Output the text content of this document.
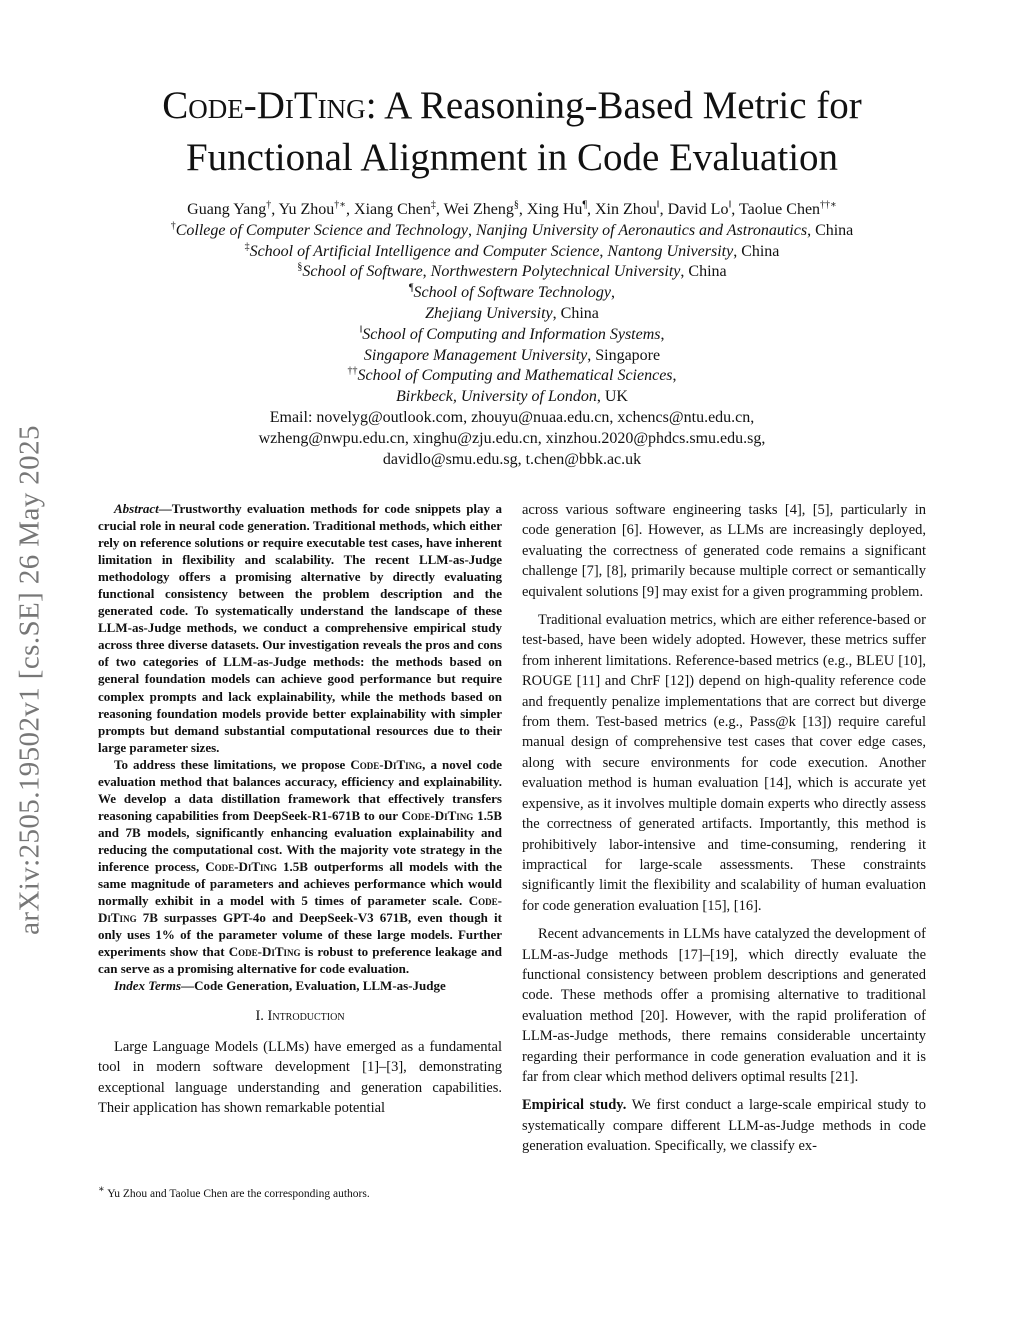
arXiv:2505.19502v1 [cs.SE] 26 May 2025
Code-DiTing: A Reasoning-Based Metric for
Functional Alignment in Code Evaluation
Guang Yang†, Yu Zhou†∗, Xiang Chen‡, Wei Zheng§, Xing Hu¶, Xin Zhou‖, David Lo‖, Taolue Chen††∗
†College of Computer Science and Technology, Nanjing University of Aeronautics and Astronautics, China
‡School of Artificial Intelligence and Computer Science, Nantong University, China
§School of Software, Northwestern Polytechnical University, China
¶School of Software Technology,
Zhejiang University, China
‖School of Computing and Information Systems,
Singapore Management University, Singapore
††School of Computing and Mathematical Sciences,
Birkbeck, University of London, UK
Email: novelyg@outlook.com, zhouyu@nuaa.edu.cn, xchencs@ntu.edu.cn,
wzheng@nwpu.edu.cn, xinghu@zju.edu.cn, xinzhou.2020@phdcs.smu.edu.sg,
davidlo@smu.edu.sg, t.chen@bbk.ac.uk

Abstract—Trustworthy evaluation methods for code snippets play a crucial role in neural code generation. Traditional methods, which either rely on reference solutions or require executable test cases, have inherent limitation in flexibility and scalability. The recent LLM-as-Judge methodology offers a promising alternative by directly evaluating functional consistency between the problem description and the generated code. To systematically understand the landscape of these LLM-as-Judge methods, we conduct a comprehensive empirical study across three diverse datasets. Our investigation reveals the pros and cons of two categories of LLM-as-Judge methods: the methods based on general foundation models can achieve good performance but require complex prompts and lack explainability, while the methods based on reasoning foundation models provide better explainability with simpler prompts but demand substantial computational resources due to their large parameter sizes.

To address these limitations, we propose Code-DiTing, a novel code evaluation method that balances accuracy, efficiency and explainability. We develop a data distillation framework that effectively transfers reasoning capabilities from DeepSeek-R1-671B to our Code-DiTing 1.5B and 7B models, significantly enhancing evaluation explainability and reducing the computational cost. With the majority vote strategy in the inference process, Code-DiTing 1.5B outperforms all models with the same magnitude of parameters and achieves performance which would normally exhibit in a model with 5 times of parameter scale. Code-DiTing 7B surpasses GPT-4o and DeepSeek-V3 671B, even though it only uses 1% of the parameter volume of these large models. Further experiments show that Code-DiTing is robust to preference leakage and can serve as a promising alternative for code evaluation.

Index Terms—Code Generation, Evaluation, LLM-as-Judge

I. Introduction

Large Language Models (LLMs) have emerged as a fundamental tool in modern software development [1]–[3], demonstrating exceptional language understanding and generation capabilities. Their application has shown remarkable potential

∗ Yu Zhou and Taolue Chen are the corresponding authors.

across various software engineering tasks [4], [5], particularly in code generation [6]. However, as LLMs are increasingly deployed, evaluating the correctness of generated code remains a significant challenge [7], [8], primarily because multiple correct or semantically equivalent solutions [9] may exist for a given programming problem.

Traditional evaluation metrics, which are either reference-based or test-based, have been widely adopted. However, these metrics suffer from inherent limitations. Reference-based metrics (e.g., BLEU [10], ROUGE [11] and ChrF [12]) depend on high-quality reference code and frequently penalize implementations that are correct but diverge from them. Test-based metrics (e.g., Pass@k [13]) require careful manual design of comprehensive test cases that cover edge cases, along with secure environments for code execution. Another evaluation method is human evaluation [14], which is accurate yet expensive, as it involves multiple domain experts who directly assess the correctness of generated artifacts. Importantly, this method is prohibitively labor-intensive and time-consuming, rendering it impractical for large-scale assessments. These constraints significantly limit the flexibility and scalability of human evaluation for code generation evaluation [15], [16].

Recent advancements in LLMs have catalyzed the development of LLM-as-Judge methods [17]–[19], which directly evaluate the functional consistency between problem descriptions and generated code. These methods offer a promising alternative to traditional evaluation method [20]. However, with the rapid proliferation of LLM-as-Judge methods, there remains considerable uncertainty regarding their performance in code generation evaluation and it is far from clear which method delivers optimal results [21].

Empirical study. We first conduct a large-scale empirical study to systematically compare different LLM-as-Judge methods in code generation evaluation. Specifically, we classify ex-
